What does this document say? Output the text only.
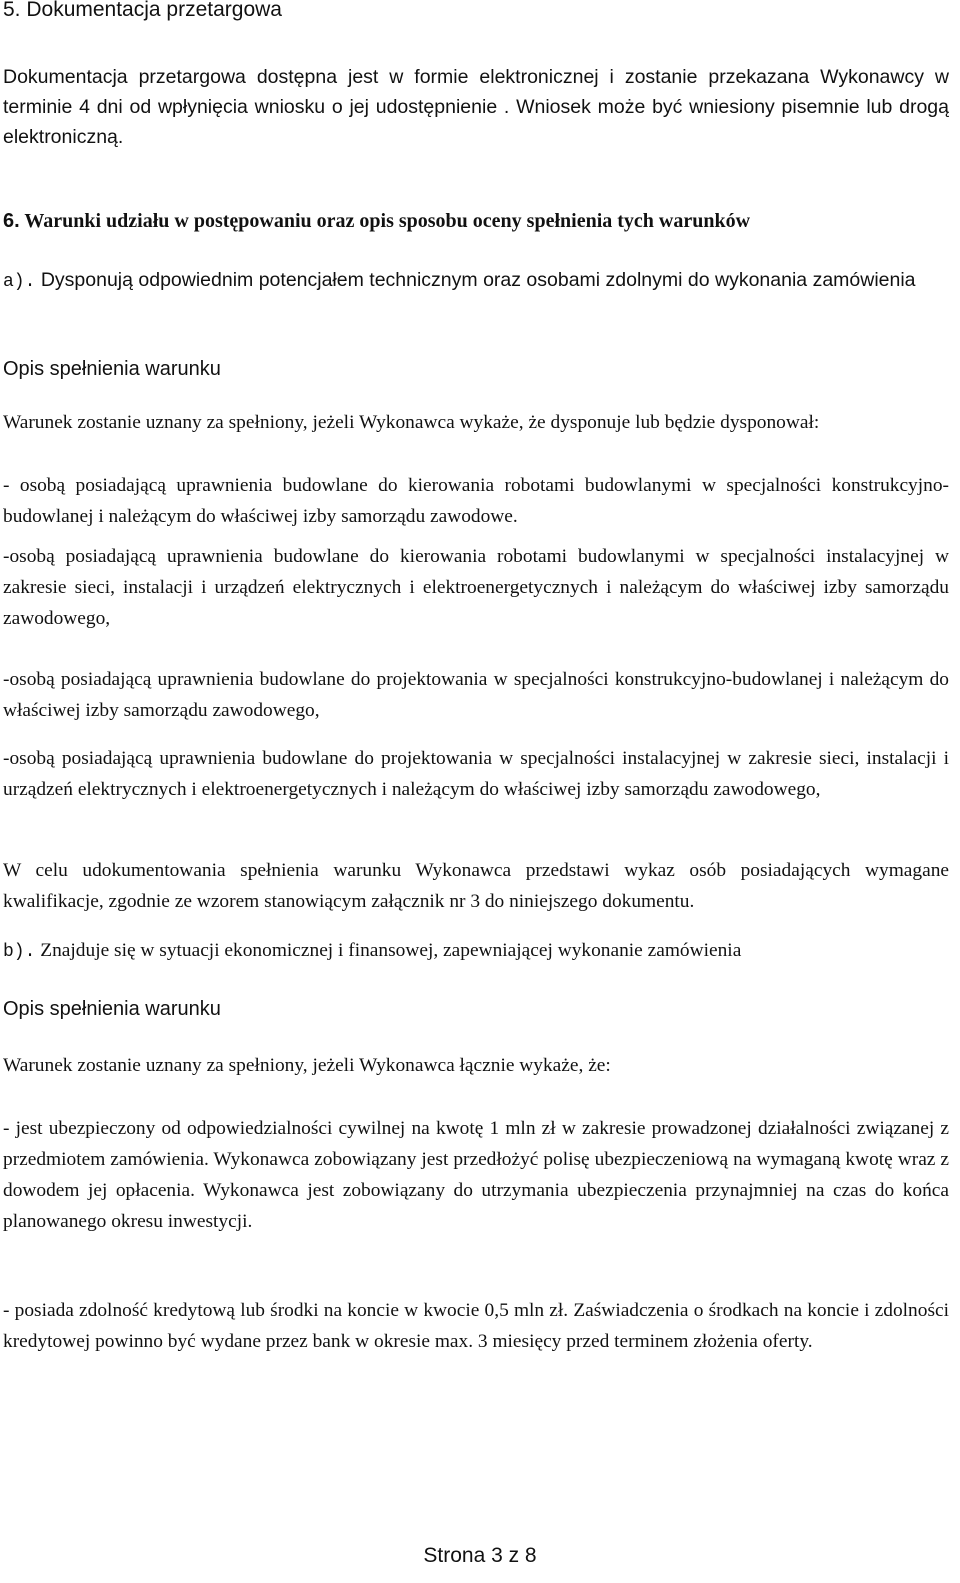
5. Dokumentacja przetargowa

Dokumentacja przetargowa dostępna jest w formie elektronicznej i zostanie przekazana Wykonawcy w terminie 4 dni od wpłynięcia wniosku o jej udostępnienie . Wniosek może być wniesiony pisemnie lub drogą elektroniczną.

6. Warunki udziału w postępowaniu oraz opis sposobu oceny spełnienia tych warunków

a). Dysponują odpowiednim potencjałem technicznym oraz osobami zdolnymi do wykonania zamówienia

Opis spełnienia warunku

Warunek zostanie uznany za spełniony, jeżeli Wykonawca wykaże, że dysponuje lub będzie dysponował:

- osobą posiadającą uprawnienia budowlane do kierowania robotami budowlanymi w specjalności konstrukcyjno-budowlanej i należącym do właściwej izby samorządu zawodowe.

-osobą posiadającą uprawnienia budowlane do kierowania robotami budowlanymi w specjalności instalacyjnej w zakresie sieci, instalacji i urządzeń elektrycznych i elektroenergetycznych i należącym do właściwej izby samorządu zawodowego,

-osobą posiadającą uprawnienia budowlane do projektowania w specjalności konstrukcyjno-budowlanej i należącym do właściwej izby samorządu zawodowego,

-osobą posiadającą uprawnienia budowlane do projektowania w specjalności instalacyjnej w zakresie sieci, instalacji i urządzeń elektrycznych i elektroenergetycznych i należącym do właściwej izby samorządu zawodowego,

W celu udokumentowania spełnienia warunku Wykonawca przedstawi wykaz osób posiadających wymagane kwalifikacje, zgodnie ze wzorem stanowiącym załącznik nr 3 do niniejszego dokumentu.

b). Znajduje się w sytuacji ekonomicznej i finansowej, zapewniającej wykonanie zamówienia

Opis spełnienia warunku

Warunek zostanie uznany za spełniony, jeżeli Wykonawca łącznie wykaże, że:

- jest ubezpieczony od odpowiedzialności cywilnej na kwotę 1 mln zł w zakresie prowadzonej działalności związanej z przedmiotem zamówienia. Wykonawca zobowiązany jest przedłożyć polisę ubezpieczeniową na wymaganą kwotę wraz z dowodem jej opłacenia. Wykonawca jest zobowiązany do utrzymania ubezpieczenia przynajmniej na czas do końca planowanego okresu inwestycji.

- posiada zdolność kredytową lub środki na koncie w kwocie 0,5 mln zł. Zaświadczenia o środkach na koncie i zdolności kredytowej powinno być wydane przez bank w okresie max. 3 miesięcy przed terminem złożenia oferty.

Strona 3 z 8
